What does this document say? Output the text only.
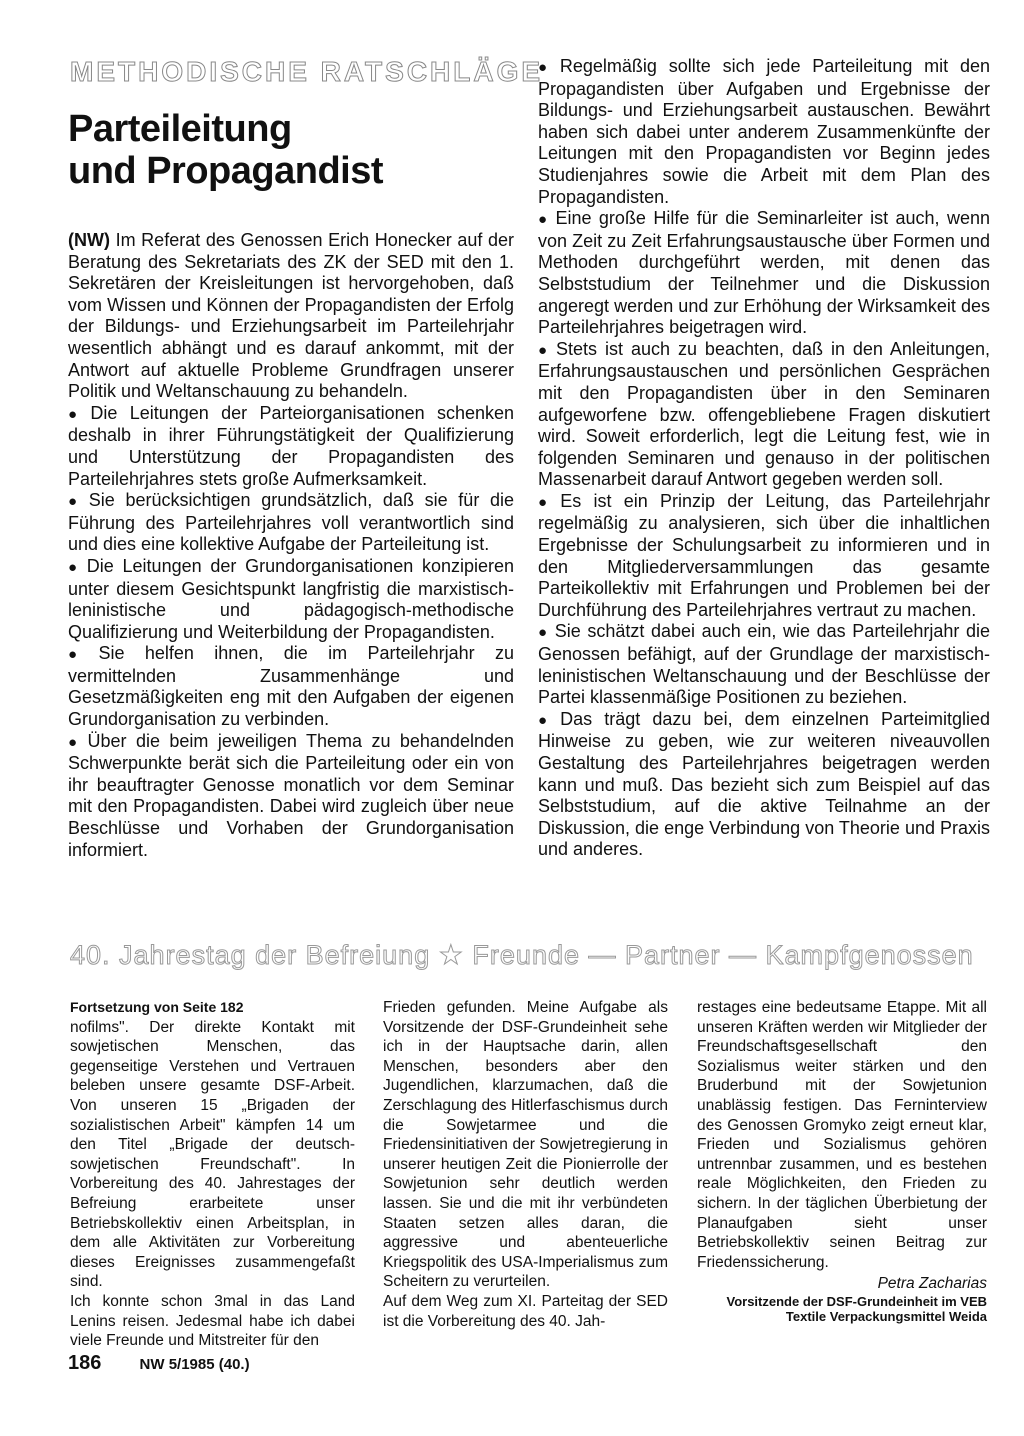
METHODISCHE RATSCHLÄGE
Parteileitung
und Propagandist

(NW) Im Referat des Genossen Erich Honecker auf der Beratung des Sekretariats des ZK der SED mit den 1. Sekretären der Kreisleitungen ist hervorgehoben, daß vom Wissen und Können der Propagandisten der Erfolg der Bildungs- und Erziehungsarbeit im Parteilehrjahr wesentlich abhängt und es darauf ankommt, mit der Antwort auf aktuelle Probleme Grundfragen unserer Politik und Weltanschauung zu behandeln.

● Die Leitungen der Parteiorganisationen schenken deshalb in ihrer Führungstätigkeit der Qualifizierung und Unterstützung der Propagandisten des Parteilehrjahres stets große Aufmerksamkeit.

● Sie berücksichtigen grundsätzlich, daß sie für die Führung des Parteilehrjahres voll verantwortlich sind und dies eine kollektive Aufgabe der Parteileitung ist.

● Die Leitungen der Grundorganisationen konzipieren unter diesem Gesichtspunkt langfristig die marxistisch-leninistische und pädagogisch-methodische Qualifizierung und Weiterbildung der Propagandisten.

● Sie helfen ihnen, die im Parteilehrjahr zu vermittelnden Zusammenhänge und Gesetzmäßigkeiten eng mit den Aufgaben der eigenen Grundorganisation zu verbinden.

● Über die beim jeweiligen Thema zu behandelnden Schwerpunkte berät sich die Parteileitung oder ein von ihr beauftragter Genosse monatlich vor dem Seminar mit den Propagandisten. Dabei wird zugleich über neue Beschlüsse und Vorhaben der Grundorganisation informiert.

● Regelmäßig sollte sich jede Parteileitung mit den Propagandisten über Aufgaben und Ergebnisse der Bildungs- und Erziehungsarbeit austauschen. Bewährt haben sich dabei unter anderem Zusammenkünfte der Leitungen mit den Propagandisten vor Beginn jedes Studienjahres sowie die Arbeit mit dem Plan des Propagandisten.

● Eine große Hilfe für die Seminarleiter ist auch, wenn von Zeit zu Zeit Erfahrungsaustausche über Formen und Methoden durchgeführt werden, mit denen das Selbststudium der Teilnehmer und die Diskussion angeregt werden und zur Erhöhung der Wirksamkeit des Parteilehrjahres beigetragen wird.

● Stets ist auch zu beachten, daß in den Anleitungen, Erfahrungsaustauschen und persönlichen Gesprächen mit den Propagandisten über in den Seminaren aufgeworfene bzw. offengebliebene Fragen diskutiert wird. Soweit erforderlich, legt die Leitung fest, wie in folgenden Seminaren und genauso in der politischen Massenarbeit darauf Antwort gegeben werden soll.

● Es ist ein Prinzip der Leitung, das Parteilehrjahr regelmäßig zu analysieren, sich über die inhaltlichen Ergebnisse der Schulungsarbeit zu informieren und in den Mitgliederversammlungen das gesamte Parteikollektiv mit Erfahrungen und Problemen bei der Durchführung des Parteilehrjahres vertraut zu machen.

● Sie schätzt dabei auch ein, wie das Parteilehrjahr die Genossen befähigt, auf der Grundlage der marxistisch-leninistischen Weltanschauung und der Beschlüsse der Partei klassenmäßige Positionen zu beziehen.

● Das trägt dazu bei, dem einzelnen Parteimitglied Hinweise zu geben, wie zur weiteren niveauvollen Gestaltung des Parteilehrjahres beigetragen werden kann und muß. Das bezieht sich zum Beispiel auf das Selbststudium, auf die aktive Teilnahme an der Diskussion, die enge Verbindung von Theorie und Praxis und anderes.

40. Jahrestag der Befreiung ★ Freunde — Partner — Kampfgenossen

Fortsetzung von Seite 182

nofilms". Der direkte Kontakt mit sowjetischen Menschen, das gegenseitige Verstehen und Vertrauen beleben unsere gesamte DSF-Arbeit. Von unseren 15 „Brigaden der sozialistischen Arbeit" kämpfen 14 um den Titel „Brigade der deutsch-sowjetischen Freundschaft". In Vorbereitung des 40. Jahrestages der Befreiung erarbeitete unser Betriebskollektiv einen Arbeitsplan, in dem alle Aktivitäten zur Vorbereitung dieses Ereignisses zusammengefaßt sind.

Ich konnte schon 3mal in das Land Lenins reisen. Jedesmal habe ich dabei viele Freunde und Mitstreiter für den

Frieden gefunden. Meine Aufgabe als Vorsitzende der DSF-Grundeinheit sehe ich in der Hauptsache darin, allen Menschen, besonders aber den Jugendlichen, klarzumachen, daß die Zerschlagung des Hitlerfaschismus durch die Sowjetarmee und die Friedensinitiativen der Sowjetregierung in unserer heutigen Zeit die Pionierrolle der Sowjetunion sehr deutlich werden lassen. Sie und die mit ihr verbündeten Staaten setzen alles daran, die aggressive und abenteuerliche Kriegspolitik des USA-Imperialismus zum Scheitern zu verurteilen.

Auf dem Weg zum XI. Parteitag der SED ist die Vorbereitung des 40. Jah-

restages eine bedeutsame Etappe. Mit all unseren Kräften werden wir Mitglieder der Freundschaftsgesellschaft den Sozialismus weiter stärken und den Bruderbund mit der Sowjetunion unablässig festigen. Das Ferninterview des Genossen Gromyko zeigt erneut klar, Frieden und Sozialismus gehören untrennbar zusammen, und es bestehen reale Möglichkeiten, den Frieden zu sichern. In der täglichen Überbietung der Planaufgaben sieht unser Betriebskollektiv seinen Beitrag zur Friedenssicherung.

Petra Zacharias

Vorsitzende der DSF-Grundeinheit im VEB

Textile Verpackungsmittel Weida

186	NW 5/1985 (40.)
